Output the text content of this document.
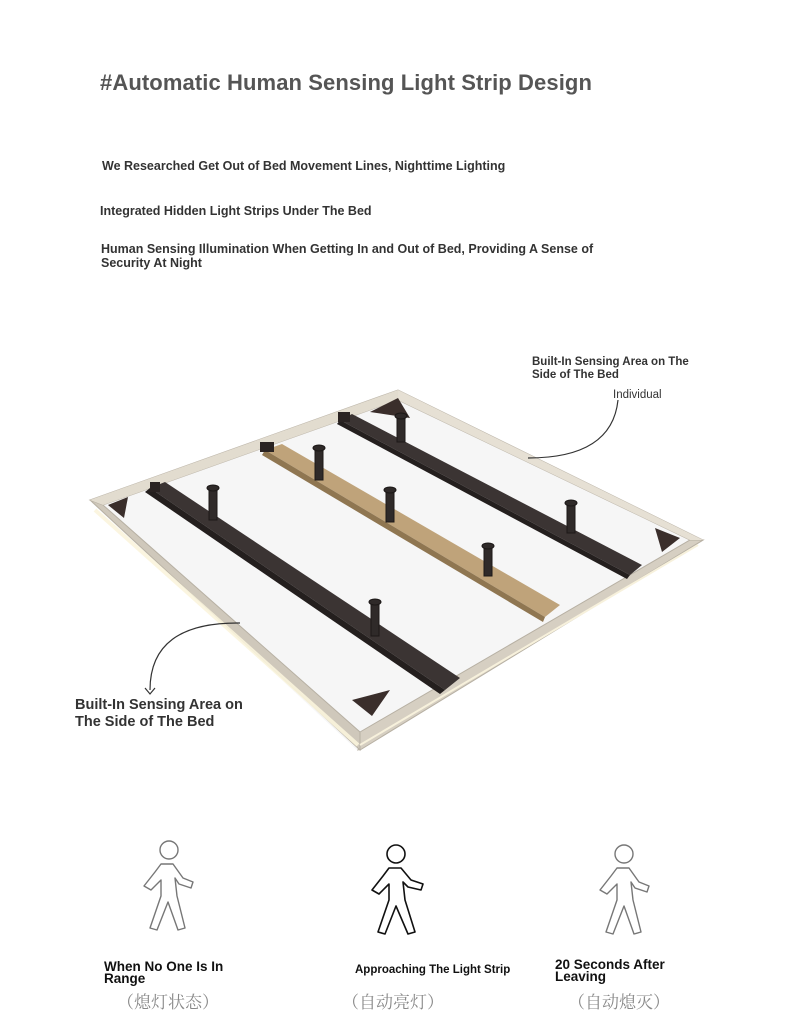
#Automatic Human Sensing Light Strip Design
We Researched Get Out of Bed Movement Lines, Nighttime Lighting
Integrated Hidden Light Strips Under The Bed
Human Sensing Illumination When Getting In and Out of Bed, Providing A Sense of Security At Night
Built-In Sensing Area on The Side of The Bed
Individual
Built-In Sensing Area on The Side of The Bed
When No One Is In Range
Approaching The Light Strip	20 Seconds After Leaving
（熄灯状态）	（自动亮灯）	（自动熄灭）
